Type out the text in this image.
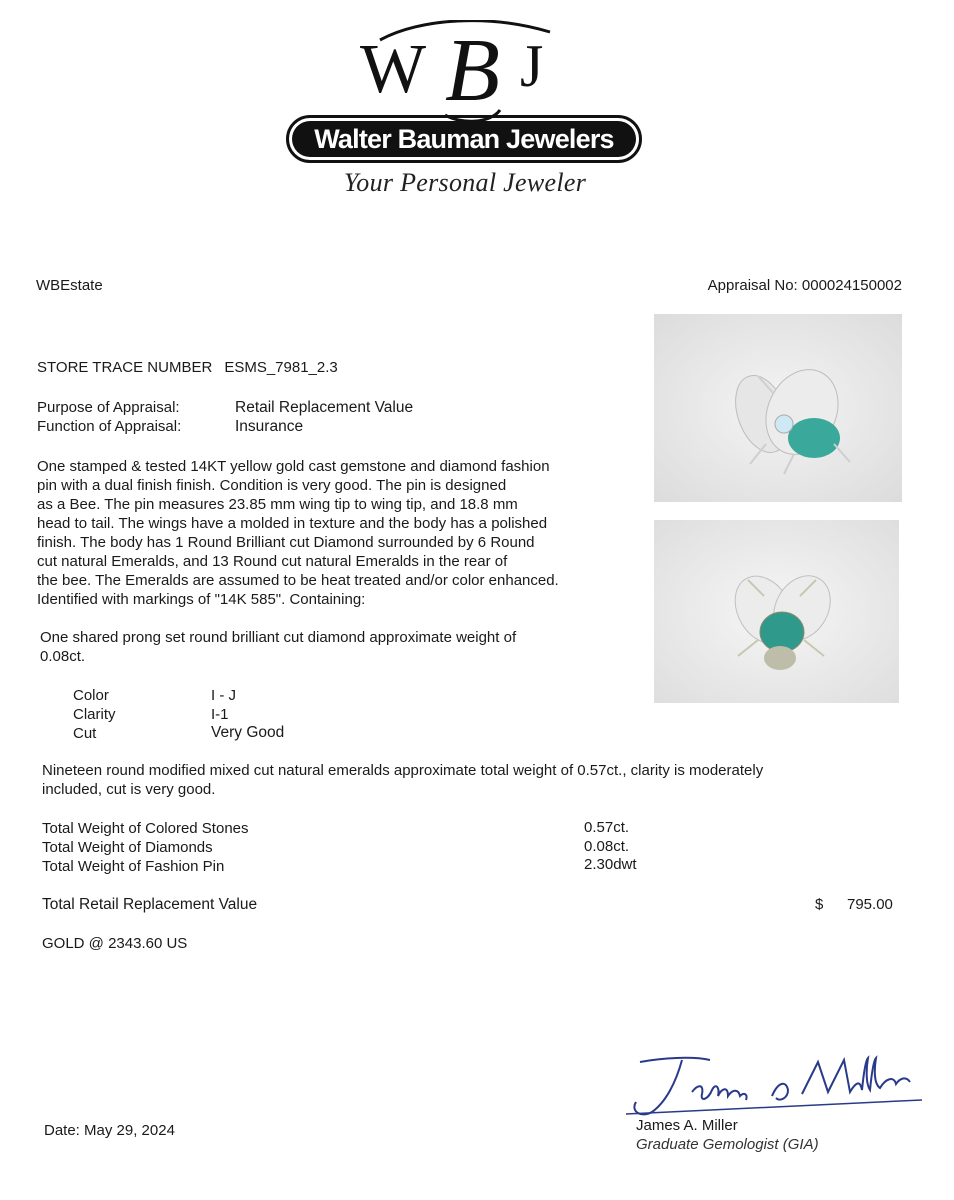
W B J
Walter Bauman Jewelers
Your Personal Jeweler
WBEstate	Appraisal No: 000024150002
STORE TRACE NUMBER ESMS_7981_2.3
Purpose of Appraisal:	Retail Replacement Value
Function of Appraisal:	Insurance
One stamped & tested 14KT yellow gold cast gemstone and diamond fashion
pin with a dual finish finish. Condition is very good. The pin is designed
as a Bee. The pin measures 23.85 mm wing tip to wing tip, and 18.8 mm
head to tail. The wings have a molded in texture and the body has a polished
finish. The body has 1 Round Brilliant cut Diamond surrounded by 6 Round
cut natural Emeralds, and 13 Round cut natural Emeralds in the rear of
the bee. The Emeralds are assumed to be heat treated and/or color enhanced.
Identified with markings of "14K 585". Containing:
One shared prong set round brilliant cut diamond approximate weight of
0.08ct.
Color	I - J
Clarity	I-1
Cut	Very Good
Nineteen round modified mixed cut natural emeralds approximate total weight of 0.57ct., clarity is moderately
included, cut is very good.
Total Weight of Colored Stones	0.57ct.
Total Weight of Diamonds	0.08ct.
Total Weight of Fashion Pin	2.30dwt
Total Retail Replacement Value	$ 795.00
GOLD @ 2343.60 US
Date: May 29, 2024	James A. Miller
Graduate Gemologist (GIA)
